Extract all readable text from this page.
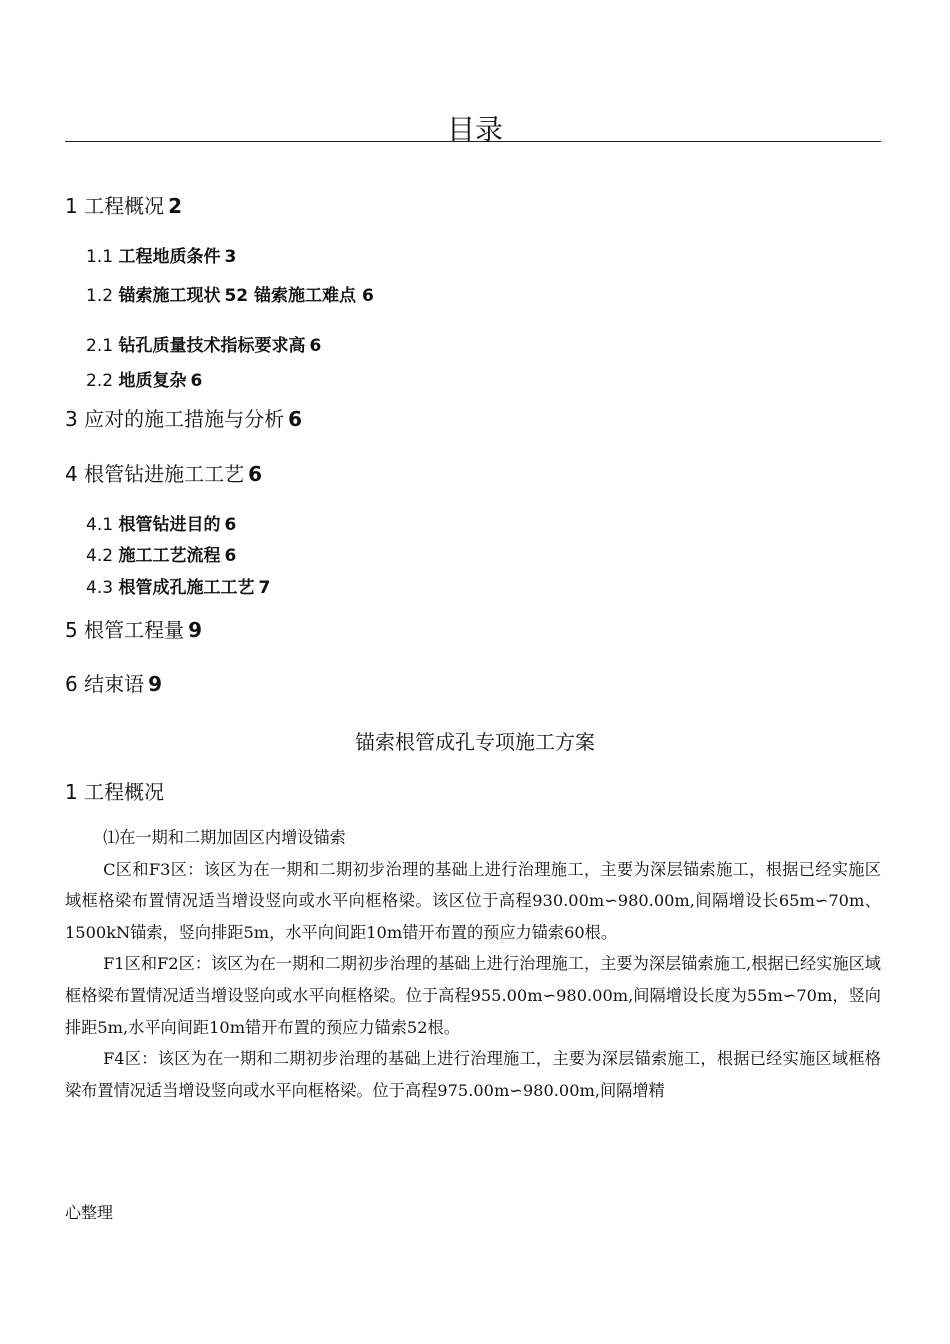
目录
1 工程概况 2
1.1 工程地质条件 3
1.2 锚索施工现状 52 锚索施工难点 6
2.1 钻孔质量技术指标要求高 6
2.2 地质复杂 6
3 应对的施工措施与分析 6
4 根管钻进施工工艺 6
4.1 根管钻进目的 6
4.2 施工工艺流程 6
4.3 根管成孔施工工艺 7
5 根管工程量 9
6 结束语 9
锚索根管成孔专项施工方案
1 工程概况

⑴在一期和二期加固区内增设锚索

C区和F3区：该区为在一期和二期初步治理的基础上进行治理施工，主要为深层锚索施工，根据已经实施区域框格梁布置情况适当增设竖向或水平向框格梁。该区位于高程930.00m∽980.00m,间隔增设长65m∽70m、1500kN锚索，竖向排距5m，水平向间距10m错开布置的预应力锚索60根。

F1区和F2区：该区为在一期和二期初步治理的基础上进行治理施工，主要为深层锚索施工,根据已经实施区域框格梁布置情况适当增设竖向或水平向框格梁。位于高程955.00m∽980.00m,间隔增设长度为55m∽70m，竖向排距5m,水平向间距10m错开布置的预应力锚索52根。

F4区：该区为在一期和二期初步治理的基础上进行治理施工，主要为深层锚索施工，根据已经实施区域框格梁布置情况适当增设竖向或水平向框格梁。位于高程975.00m∽980.00m,间隔增精

心整理
